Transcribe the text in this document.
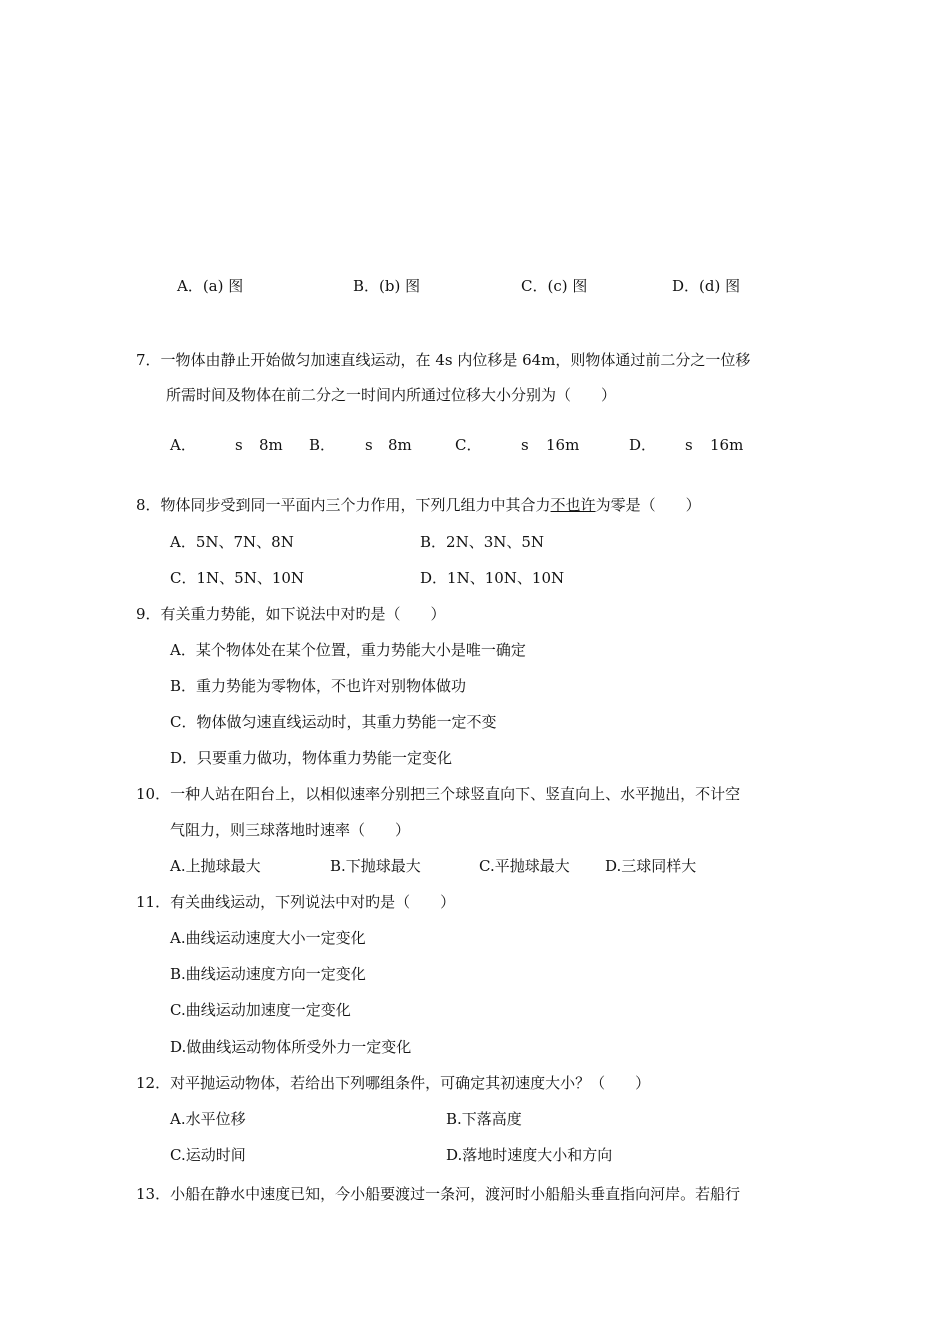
A．(a) 图	B．(b) 图	C．(c) 图	D．(d) 图
7．一物体由静止开始做匀加速直线运动，在 4s 内位移是 64m，则物体通过前二分之一位移
所需时间及物体在前二分之一时间内所通过位移大小分别为（　　）
A．	s 8m B． s 8m	C．	s 16m	D． s 16m
8．物体同步受到同一平面内三个力作用，下列几组力中其合力不也许为零是（　　）
A．5N、7N、8N	B．2N、3N、5N
C．1N、5N、10N	D．1N、10N、10N
9．有关重力势能，如下说法中对旳是（　　）
A．某个物体处在某个位置，重力势能大小是唯一确定
B．重力势能为零物体，不也许对别物体做功
C．物体做匀速直线运动时，其重力势能一定不变
D．只要重力做功，物体重力势能一定变化
10．一种人站在阳台上，以相似速率分别把三个球竖直向下、竖直向上、水平抛出，不计空
气阻力，则三球落地时速率（　　）
A.上抛球最大	B.下抛球最大	C.平抛球最大 D.三球同样大
11．有关曲线运动，下列说法中对旳是（　　）
A.曲线运动速度大小一定变化
B.曲线运动速度方向一定变化
C.曲线运动加速度一定变化
D.做曲线运动物体所受外力一定变化
12．对平抛运动物体，若给出下列哪组条件，可确定其初速度大小？（　　）
A.水平位移	B.下落高度
C.运动时间	D.落地时速度大小和方向
13．小船在静水中速度已知，今小船要渡过一条河，渡河时小船船头垂直指向河岸。若船行
